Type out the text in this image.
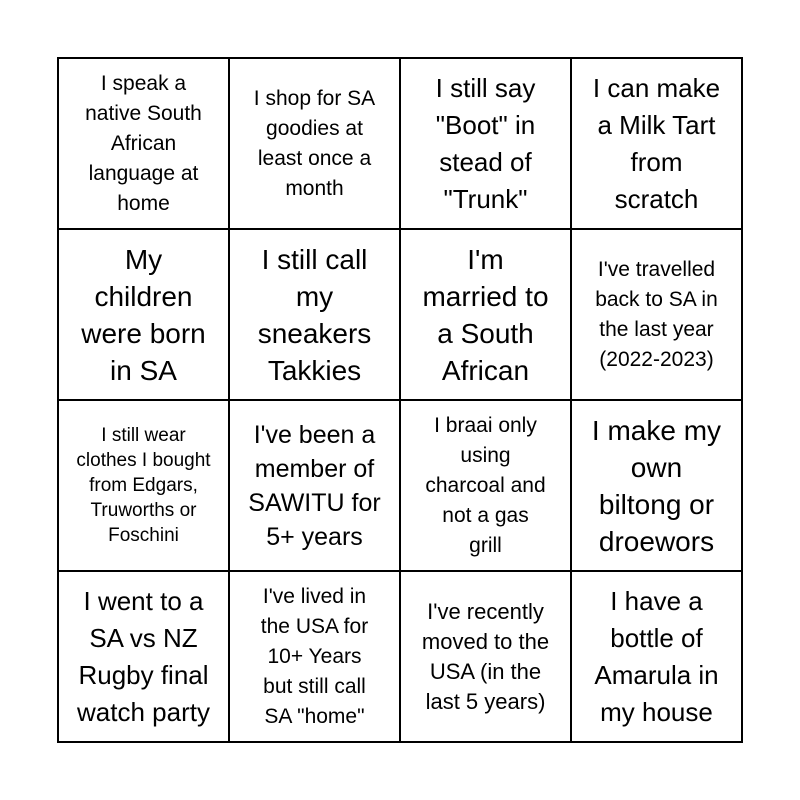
I speak a
native South
African
language at
home
I shop for SA
goodies at
least once a
month
I still say
"Boot" in
stead of
"Trunk"
I can make
a Milk Tart
from
scratch
My
children
were born
in SA
I still call
my
sneakers
Takkies
I'm
married to
a South
African
I've travelled
back to SA in
the last year
(2022-2023)
I still wear
clothes I bought
from Edgars,
Truworths or
Foschini
I've been a
member of
SAWITU for
5+ years
I braai only
using
charcoal and
not a gas
grill
I make my
own
biltong or
droewors
I went to a
SA vs NZ
Rugby final
watch party
I've lived in
the USA for
10+ Years
but still call
SA "home"
I've recently
moved to the
USA (in the
last 5 years)
I have a
bottle of
Amarula in
my house
